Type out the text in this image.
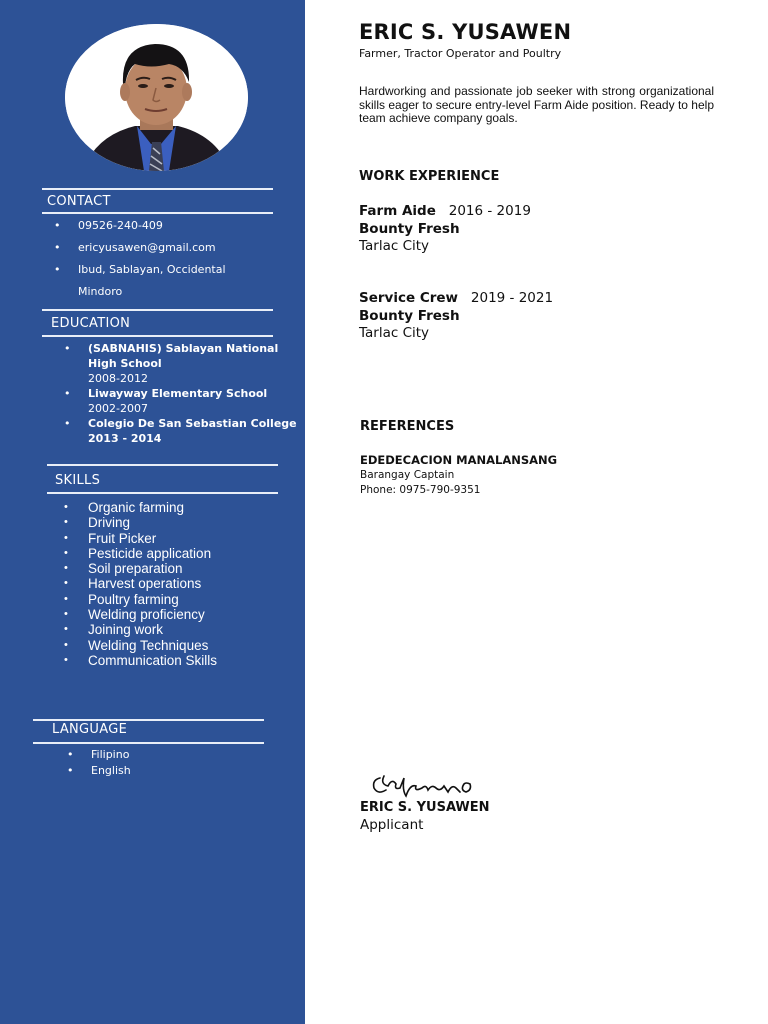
CONTACT
• 09526-240-409
• ericyusawen@gmail.com
• Ibud, Sablayan, Occidental
Mindoro
EDUCATION
• (SABNAHIS) Sablayan National High School
2008-2012
• Liwayway Elementary School
2002-2007
• Colegio De San Sebastian College
2013 - 2014
SKILLS
• Organic farming
• Driving
• Fruit Picker
• Pesticide application
• Soil preparation
• Harvest operations
• Poultry farming
• Welding proficiency
• Joining work
• Welding Techniques
• Communication Skills
LANGUAGE
• Filipino
• English
ERIC S. YUSAWEN
Farmer, Tractor Operator and Poultry
Hardworking and passionate job seeker with strong organizational skills eager to secure entry-level Farm Aide position. Ready to help team achieve company goals.
WORK EXPERIENCE
Farm Aide 2016 - 2019
Bounty Fresh
Tarlac City
Service Crew 2019 - 2021
Bounty Fresh
Tarlac City
REFERENCES
EDEDECACION MANALANSANG
Barangay Captain
Phone: 0975-790-9351
ERIC S. YUSAWEN
Applicant
